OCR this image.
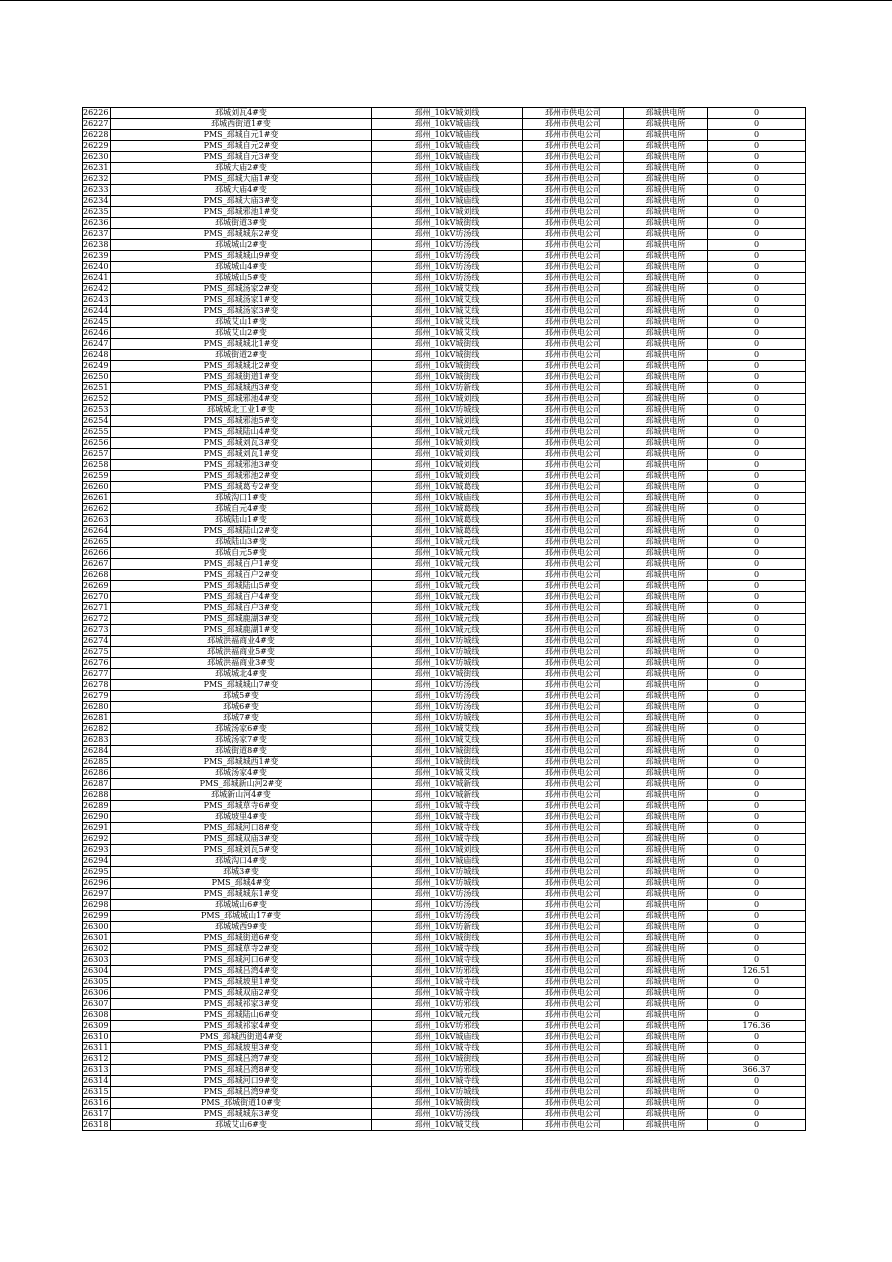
26226	邳城刘瓦4#变	邳州_10kV城刘线	邳州市供电公司	邳城供电所	0
26227	邳城西街道1#变	邳州_10kV城庙线	邳州市供电公司	邳城供电所	0
26228	PMS_邳城自元1#变	邳州_10kV城庙线	邳州市供电公司	邳城供电所	0
26229	PMS_邳城自元2#变	邳州_10kV城庙线	邳州市供电公司	邳城供电所	0
26230	PMS_邳城自元3#变	邳州_10kV城庙线	邳州市供电公司	邳城供电所	0
26231	邳城大庙2#变	邳州_10kV城庙线	邳州市供电公司	邳城供电所	0
26232	PMS_邳城大庙1#变	邳州_10kV城庙线	邳州市供电公司	邳城供电所	0
26233	邳城大庙4#变	邳州_10kV城庙线	邳州市供电公司	邳城供电所	0
26234	PMS_邳城大庙3#变	邳州_10kV城庙线	邳州市供电公司	邳城供电所	0
26235	PMS_邳城邪池1#变	邳州_10kV城刘线	邳州市供电公司	邳城供电所	0
26236	邳城街道3#变	邳州_10kV城街线	邳州市供电公司	邳城供电所	0
26237	PMS_邳城城东2#变	邳州_10kV坊汤线	邳州市供电公司	邳城供电所	0
26238	邳城城山2#变	邳州_10kV坊汤线	邳州市供电公司	邳城供电所	0
26239	PMS_邳城城山9#变	邳州_10kV坊汤线	邳州市供电公司	邳城供电所	0
26240	邳城城山4#变	邳州_10kV坊汤线	邳州市供电公司	邳城供电所	0
26241	邳城城山5#变	邳州_10kV坊汤线	邳州市供电公司	邳城供电所	0
26242	PMS_邳城汤家2#变	邳州_10kV城艾线	邳州市供电公司	邳城供电所	0
26243	PMS_邳城汤家1#变	邳州_10kV城艾线	邳州市供电公司	邳城供电所	0
26244	PMS_邳城汤家3#变	邳州_10kV城艾线	邳州市供电公司	邳城供电所	0
26245	邳城艾山1#变	邳州_10kV城艾线	邳州市供电公司	邳城供电所	0
26246	邳城艾山2#变	邳州_10kV城艾线	邳州市供电公司	邳城供电所	0
26247	PMS_邳城城北1#变	邳州_10kV城街线	邳州市供电公司	邳城供电所	0
26248	邳城街道2#变	邳州_10kV城街线	邳州市供电公司	邳城供电所	0
26249	PMS_邳城城北2#变	邳州_10kV城街线	邳州市供电公司	邳城供电所	0
26250	PMS_邳城街道1#变	邳州_10kV城街线	邳州市供电公司	邳城供电所	0
26251	PMS_邳城城西3#变	邳州_10kV坊新线	邳州市供电公司	邳城供电所	0
26252	PMS_邳城邪池4#变	邳州_10kV城刘线	邳州市供电公司	邳城供电所	0
26253	邳城城北工业1#变	邳州_10kV坊城线	邳州市供电公司	邳城供电所	0
26254	PMS_邳城邪池5#变	邳州_10kV城刘线	邳州市供电公司	邳城供电所	0
26255	PMS_邳城陆山4#变	邳州_10kV城元线	邳州市供电公司	邳城供电所	0
26256	PMS_邳城刘瓦3#变	邳州_10kV城刘线	邳州市供电公司	邳城供电所	0
26257	PMS_邳城刘瓦1#变	邳州_10kV城刘线	邳州市供电公司	邳城供电所	0
26258	PMS_邳城邪池3#变	邳州_10kV城刘线	邳州市供电公司	邳城供电所	0
26259	PMS_邳城邪池2#变	邳州_10kV城刘线	邳州市供电公司	邳城供电所	0
26260	PMS_邳城葛专2#变	邳州_10kV城葛线	邳州市供电公司	邳城供电所	0
26261	邳城沟口1#变	邳州_10kV城庙线	邳州市供电公司	邳城供电所	0
26262	邳城自元4#变	邳州_10kV城葛线	邳州市供电公司	邳城供电所	0
26263	邳城陆山1#变	邳州_10kV城葛线	邳州市供电公司	邳城供电所	0
26264	PMS_邳城陆山2#变	邳州_10kV城葛线	邳州市供电公司	邳城供电所	0
26265	邳城陆山3#变	邳州_10kV城元线	邳州市供电公司	邳城供电所	0
26266	邳城自元5#变	邳州_10kV城元线	邳州市供电公司	邳城供电所	0
26267	PMS_邳城百户1#变	邳州_10kV城元线	邳州市供电公司	邳城供电所	0
26268	PMS_邳城百户2#变	邳州_10kV城元线	邳州市供电公司	邳城供电所	0
26269	PMS_邳城陆山5#变	邳州_10kV城元线	邳州市供电公司	邳城供电所	0
26270	PMS_邳城百户4#变	邳州_10kV城元线	邳州市供电公司	邳城供电所	0
26271	PMS_邳城百户3#变	邳州_10kV城元线	邳州市供电公司	邳城供电所	0
26272	PMS_邳城鹿湖3#变	邳州_10kV城元线	邳州市供电公司	邳城供电所	0
26273	PMS_邳城鹿湖1#变	邳州_10kV城元线	邳州市供电公司	邳城供电所	0
26274	邳城洪福商业4#变	邳州_10kV坊城线	邳州市供电公司	邳城供电所	0
26275	邳城洪福商业5#变	邳州_10kV坊城线	邳州市供电公司	邳城供电所	0
26276	邳城洪福商业3#变	邳州_10kV坊城线	邳州市供电公司	邳城供电所	0
26277	邳城城北4#变	邳州_10kV城街线	邳州市供电公司	邳城供电所	0
26278	PMS_邳城城山7#变	邳州_10kV坊汤线	邳州市供电公司	邳城供电所	0
26279	邳城5#变	邳州_10kV坊汤线	邳州市供电公司	邳城供电所	0
26280	邳城6#变	邳州_10kV坊汤线	邳州市供电公司	邳城供电所	0
26281	邳城7#变	邳州_10kV坊城线	邳州市供电公司	邳城供电所	0
26282	邳城汤家6#变	邳州_10kV城艾线	邳州市供电公司	邳城供电所	0
26283	邳城汤家7#变	邳州_10kV城艾线	邳州市供电公司	邳城供电所	0
26284	邳城街道8#变	邳州_10kV城街线	邳州市供电公司	邳城供电所	0
26285	PMS_邳城城西1#变	邳州_10kV城街线	邳州市供电公司	邳城供电所	0
26286	邳城汤家4#变	邳州_10kV城艾线	邳州市供电公司	邳城供电所	0
26287	PMS_邳城新山河2#变	邳州_10kV城新线	邳州市供电公司	邳城供电所	0
26288	邳城新山河4#变	邳州_10kV城新线	邳州市供电公司	邳城供电所	0
26289	PMS_邳城草寺6#变	邳州_10kV城寺线	邳州市供电公司	邳城供电所	0
26290	邳城坡里4#变	邳州_10kV城寺线	邳州市供电公司	邳城供电所	0
26291	PMS_邳城河口8#变	邳州_10kV城寺线	邳州市供电公司	邳城供电所	0
26292	PMS_邳城双庙3#变	邳州_10kV城寺线	邳州市供电公司	邳城供电所	0
26293	PMS_邳城刘瓦5#变	邳州_10kV城刘线	邳州市供电公司	邳城供电所	0
26294	邳城沟口4#变	邳州_10kV城庙线	邳州市供电公司	邳城供电所	0
26295	邳城3#变	邳州_10kV坊城线	邳州市供电公司	邳城供电所	0
26296	PMS_邳城4#变	邳州_10kV坊城线	邳州市供电公司	邳城供电所	0
26297	PMS_邳城城东1#变	邳州_10kV坊汤线	邳州市供电公司	邳城供电所	0
26298	邳城城山6#变	邳州_10kV坊汤线	邳州市供电公司	邳城供电所	0
26299	PMS_邳城城山17#变	邳州_10kV坊汤线	邳州市供电公司	邳城供电所	0
26300	邳城城西9#变	邳州_10kV坊新线	邳州市供电公司	邳城供电所	0
26301	PMS_邳城街道6#变	邳州_10kV城街线	邳州市供电公司	邳城供电所	0
26302	PMS_邳城草寺2#变	邳州_10kV城寺线	邳州市供电公司	邳城供电所	0
26303	PMS_邳城河口6#变	邳州_10kV城寺线	邳州市供电公司	邳城供电所	0
26304	PMS_邳城吕湾4#变	邳州_10kV坊邪线	邳州市供电公司	邳城供电所	126.51
26305	PMS_邳城坡里1#变	邳州_10kV城寺线	邳州市供电公司	邳城供电所	0
26306	PMS_邳城双庙2#变	邳州_10kV城寺线	邳州市供电公司	邳城供电所	0
26307	PMS_邳城祁家3#变	邳州_10kV坊邪线	邳州市供电公司	邳城供电所	0
26308	PMS_邳城陆山6#变	邳州_10kV城元线	邳州市供电公司	邳城供电所	0
26309	PMS_邳城祁家4#变	邳州_10kV坊邪线	邳州市供电公司	邳城供电所	176.36
26310	PMS_邳城西街道4#变	邳州_10kV城庙线	邳州市供电公司	邳城供电所	0
26311	PMS_邳城坡里3#变	邳州_10kV城寺线	邳州市供电公司	邳城供电所	0
26312	PMS_邳城吕湾7#变	邳州_10kV城街线	邳州市供电公司	邳城供电所	0
26313	PMS_邳城吕湾8#变	邳州_10kV坊邪线	邳州市供电公司	邳城供电所	366.37
26314	PMS_邳城河口9#变	邳州_10kV城寺线	邳州市供电公司	邳城供电所	0
26315	PMS_邳城吕湾9#变	邳州_10kV坊城线	邳州市供电公司	邳城供电所	0
26316	PMS_邳城街道10#变	邳州_10kV城街线	邳州市供电公司	邳城供电所	0
26317	PMS_邳城城东3#变	邳州_10kV坊汤线	邳州市供电公司	邳城供电所	0
26318	邳城艾山6#变	邳州_10kV城艾线	邳州市供电公司	邳城供电所	0
